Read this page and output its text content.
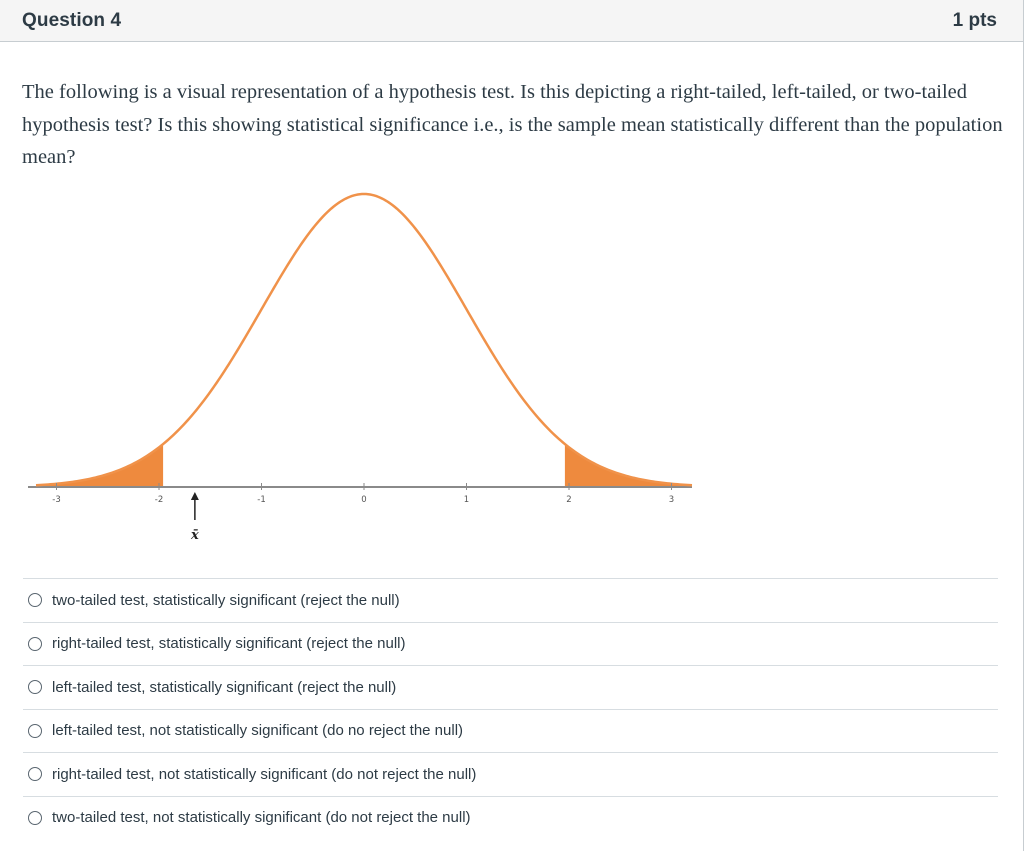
Question 4	1 pts
The following is a visual representation of a hypothesis test. Is this depicting a right-tailed, left-tailed, or two-tailed hypothesis test? Is this showing statistical significance i.e., is the sample mean statistically different than the population mean?
-3	-2	-1	0	1	2	3
x̄
two-tailed test, statistically significant (reject the null)
right-tailed test, statistically significant (reject the null)
left-tailed test, statistically significant (reject the null)
left-tailed test, not statistically significant (do no reject the null)
right-tailed test, not statistically significant (do not reject the null)
two-tailed test, not statistically significant (do not reject the null)
